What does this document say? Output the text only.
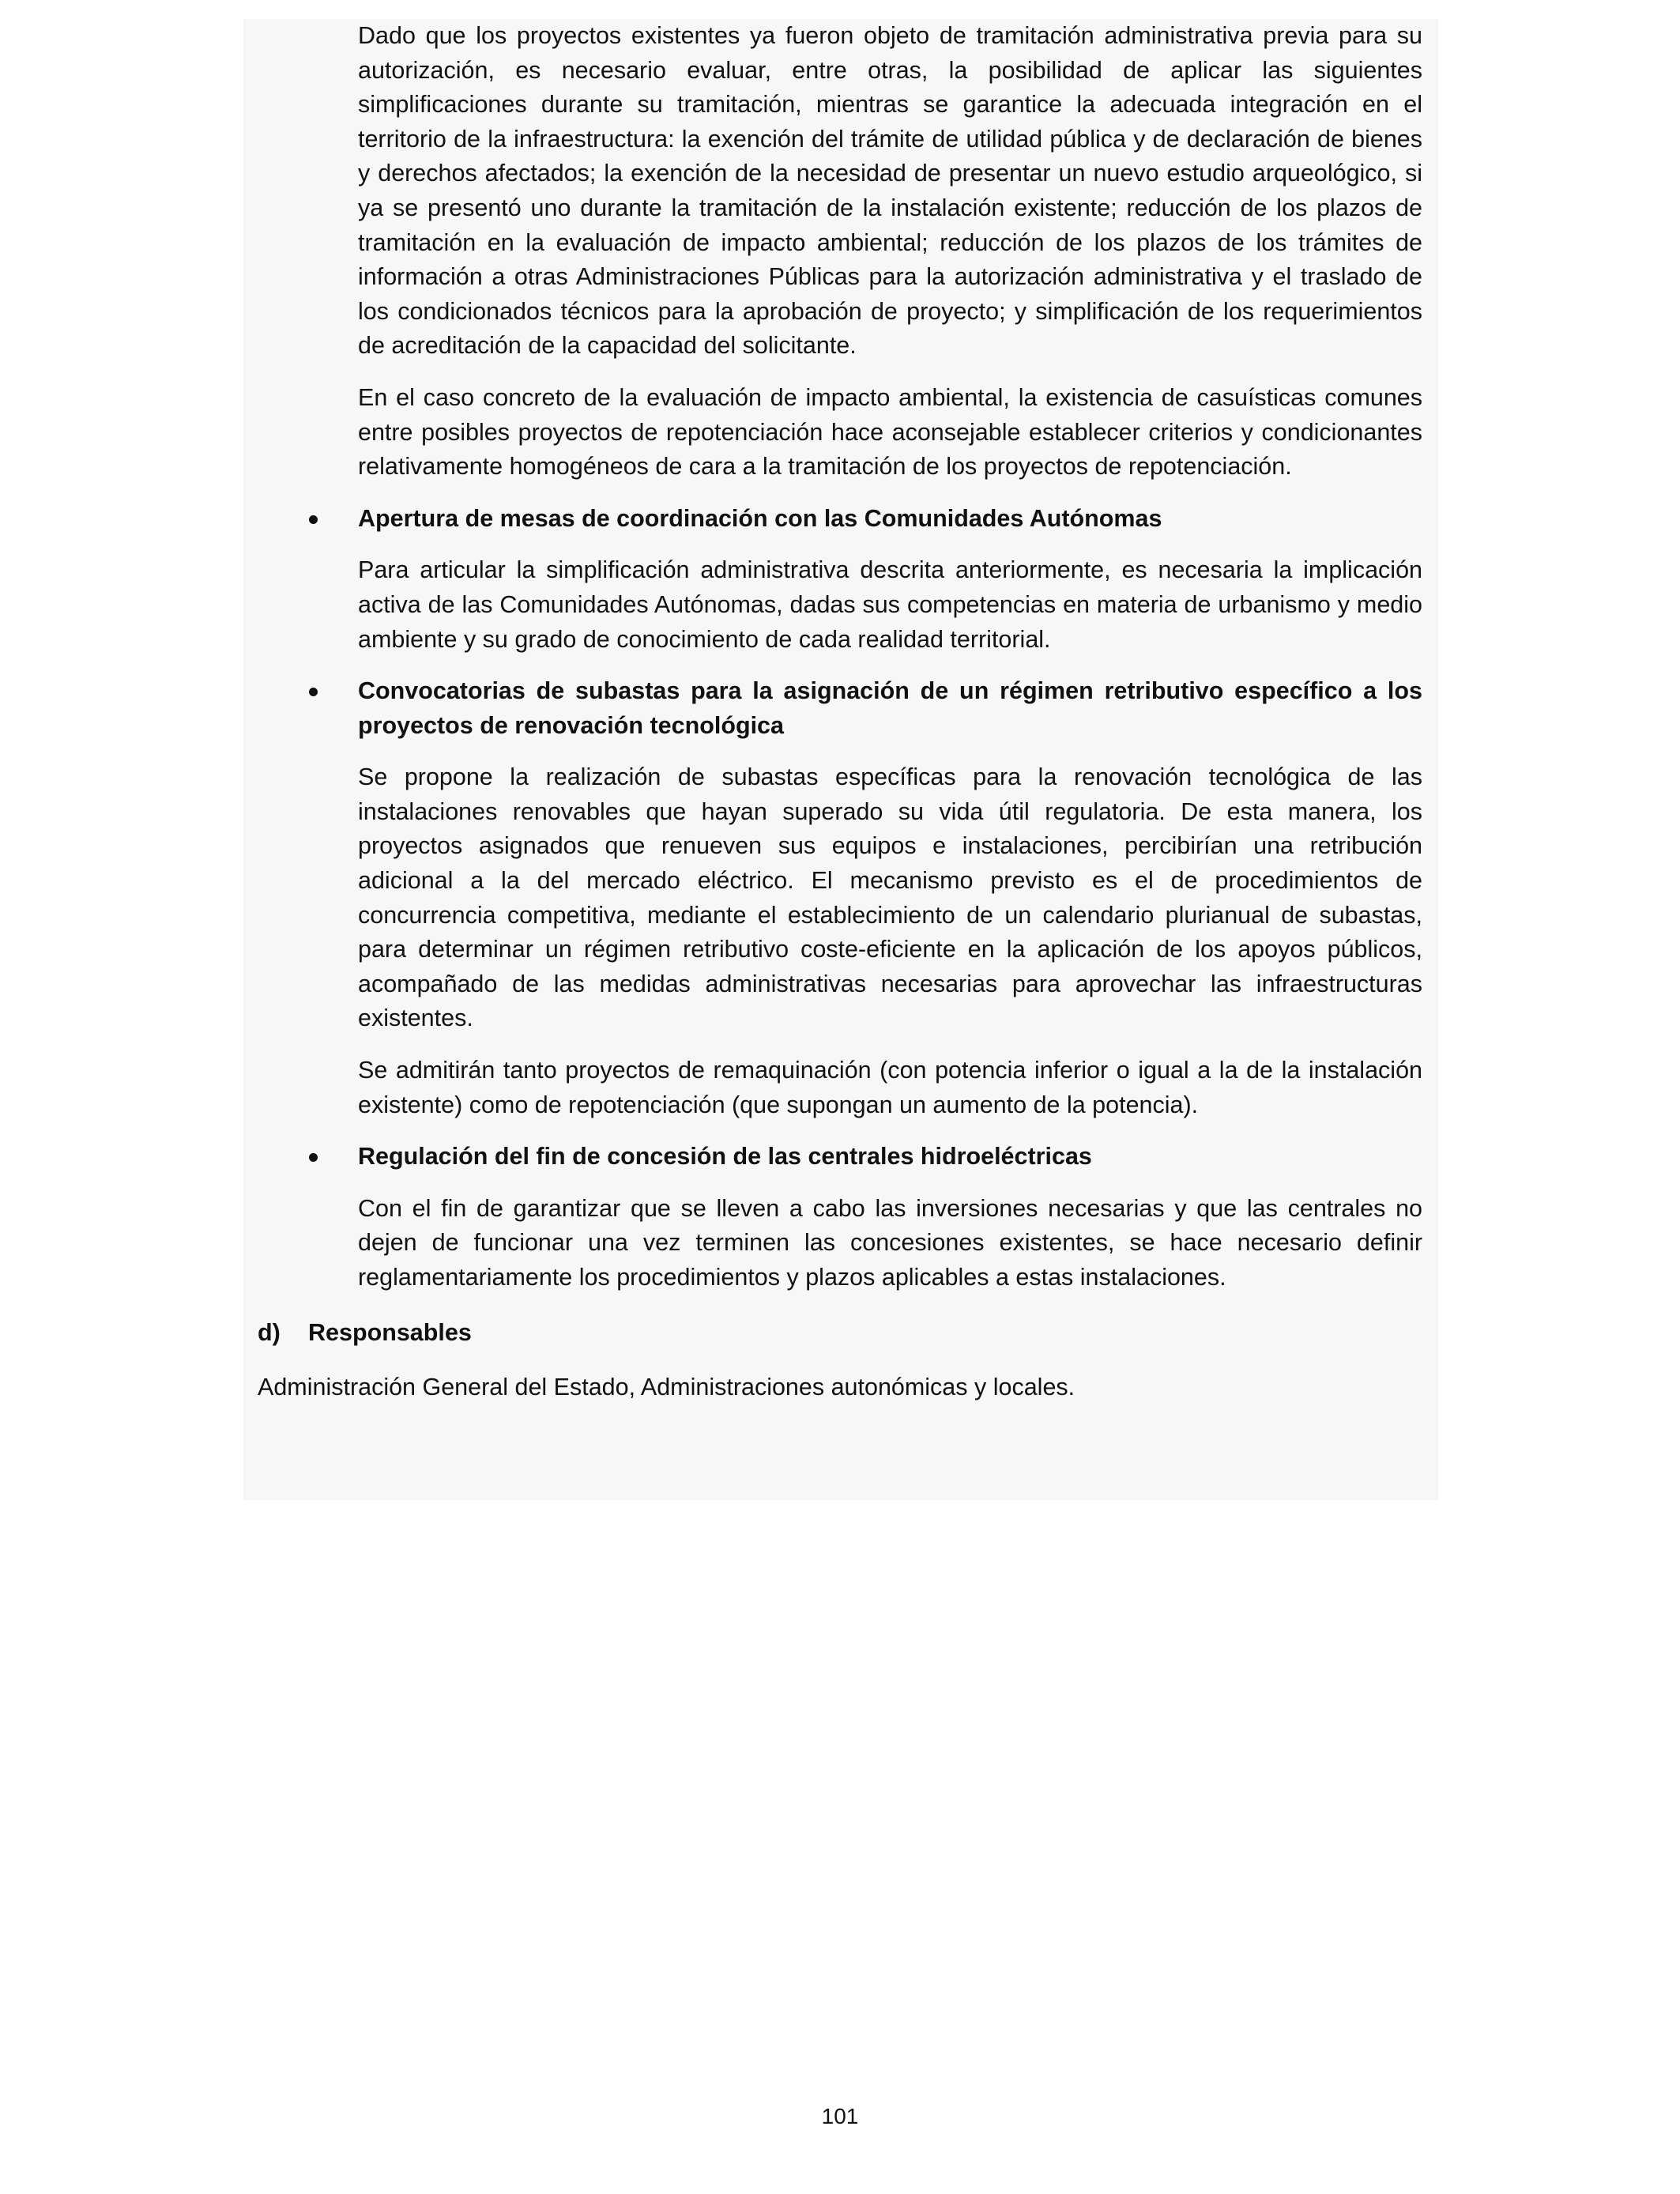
Dado que los proyectos existentes ya fueron objeto de tramitación administrativa previa para su autorización, es necesario evaluar, entre otras, la posibilidad de aplicar las siguientes simplificaciones durante su tramitación, mientras se garantice la adecuada integración en el territorio de la infraestructura: la exención del trámite de utilidad pública y de declaración de bienes y derechos afectados; la exención de la necesidad de presentar un nuevo estudio arqueológico, si ya se presentó uno durante la tramitación de la instalación existente; reducción de los plazos de tramitación en la evaluación de impacto ambiental; reducción de los plazos de los trámites de información a otras Administraciones Públicas para la autorización administrativa y el traslado de los condicionados técnicos para la aprobación de proyecto; y simplificación de los requerimientos de acreditación de la capacidad del solicitante.

En el caso concreto de la evaluación de impacto ambiental, la existencia de casuísticas comunes entre posibles proyectos de repotenciación hace aconsejable establecer criterios y condicionantes relativamente homogéneos de cara a la tramitación de los proyectos de repotenciación.

Apertura de mesas de coordinación con las Comunidades Autónomas

Para articular la simplificación administrativa descrita anteriormente, es necesaria la implicación activa de las Comunidades Autónomas, dadas sus competencias en materia de urbanismo y medio ambiente y su grado de conocimiento de cada realidad territorial.

Convocatorias de subastas para la asignación de un régimen retributivo específico a los proyectos de renovación tecnológica

Se propone la realización de subastas específicas para la renovación tecnológica de las instalaciones renovables que hayan superado su vida útil regulatoria. De esta manera, los proyectos asignados que renueven sus equipos e instalaciones, percibirían una retribución adicional a la del mercado eléctrico. El mecanismo previsto es el de procedimientos de concurrencia competitiva, mediante el establecimiento de un calendario plurianual de subastas, para determinar un régimen retributivo coste-eficiente en la aplicación de los apoyos públicos, acompañado de las medidas administrativas necesarias para aprovechar las infraestructuras existentes.

Se admitirán tanto proyectos de remaquinación (con potencia inferior o igual a la de la instalación existente) como de repotenciación (que supongan un aumento de la potencia).

Regulación del fin de concesión de las centrales hidroeléctricas

Con el fin de garantizar que se lleven a cabo las inversiones necesarias y que las centrales no dejen de funcionar una vez terminen las concesiones existentes, se hace necesario definir reglamentariamente los procedimientos y plazos aplicables a estas instalaciones.

d) Responsables

Administración General del Estado, Administraciones autonómicas y locales.

101
